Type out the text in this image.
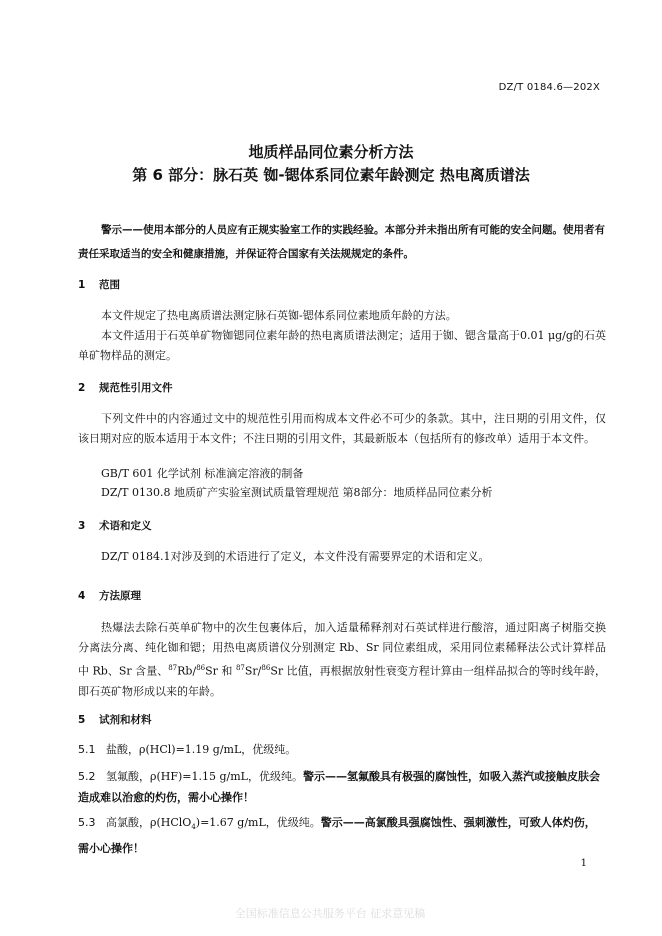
DZ/T 0184.6—202X

地质样品同位素分析方法

第 6 部分：脉石英 铷-锶体系同位素年龄测定 热电离质谱法

警示——使用本部分的人员应有正规实验室工作的实践经验。本部分并未指出所有可能的安全问题。使用者有责任采取适当的安全和健康措施，并保证符合国家有关法规规定的条件。

1 范围

本文件规定了热电离质谱法测定脉石英铷-锶体系同位素地质年龄的方法。

本文件适用于石英单矿物铷锶同位素年龄的热电离质谱法测定；适用于铷、锶含量高于0.01 μg/g的石英单矿物样品的测定。

2 规范性引用文件

下列文件中的内容通过文中的规范性引用而构成本文件必不可少的条款。其中，注日期的引用文件，仅该日期对应的版本适用于本文件；不注日期的引用文件，其最新版本（包括所有的修改单）适用于本文件。

GB/T 601 化学试剂 标准滴定溶液的制备

DZ/T 0130.8 地质矿产实验室测试质量管理规范 第8部分：地质样品同位素分析

3 术语和定义

DZ/T 0184.1对涉及到的术语进行了定义，本文件没有需要界定的术语和定义。

4 方法原理

热爆法去除石英单矿物中的次生包裹体后，加入适量稀释剂对石英试样进行酸溶，通过阳离子树脂交换分离法分离、纯化铷和锶；用热电离质谱仪分别测定 Rb、Sr 同位素组成，采用同位素稀释法公式计算样品中 Rb、Sr 含量、$^{87}$Rb/$^{86}$Sr 和 $^{87}$Sr/$^{86}$Sr 比值，再根据放射性衰变方程计算由一组样品拟合的等时线年龄，即石英矿物形成以来的年龄。

5 试剂和材料

5.1 盐酸，ρ(HCl)=1.19 g/mL，优级纯。

5.2 氢氟酸，ρ(HF)=1.15 g/mL，优级纯。警示——氢氟酸具有极强的腐蚀性，如吸入蒸汽或接触皮肤会造成难以治愈的灼伤，需小心操作！

5.3 高氯酸，ρ(HClO$_4$)=1.67 g/mL，优级纯。警示——高氯酸具强腐蚀性、强刺激性，可致人体灼伤，需小心操作！

1

全国标准信息公共服务平台 征求意见稿
